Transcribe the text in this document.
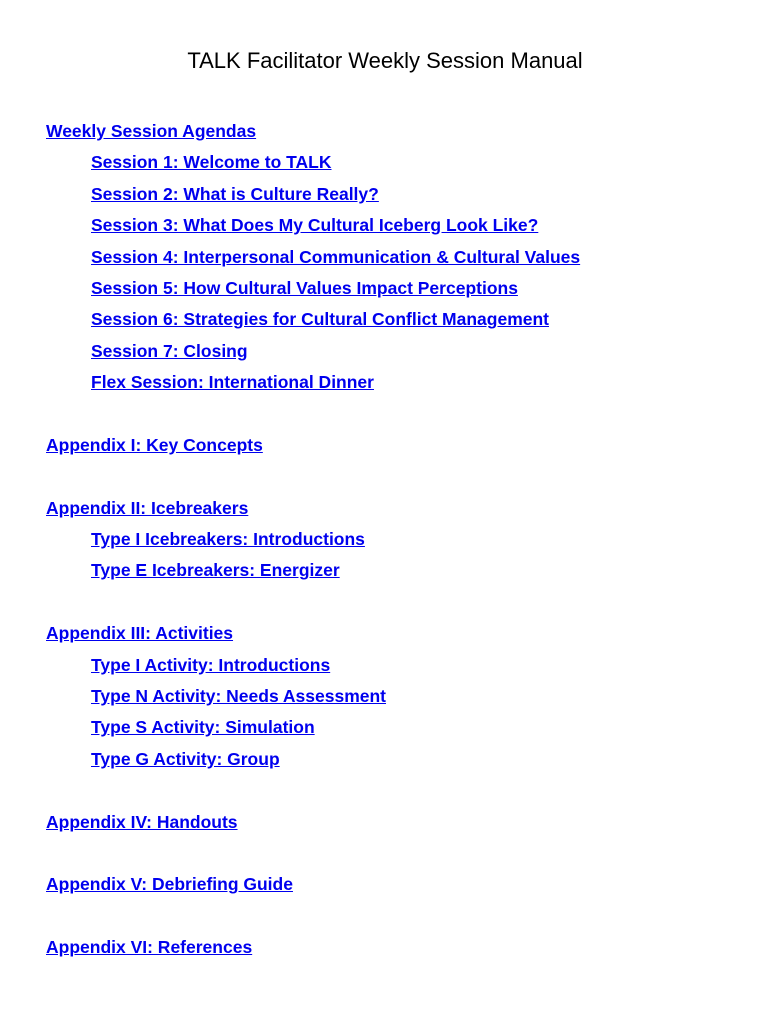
TALK Facilitator Weekly Session Manual
Weekly Session Agendas
Session 1: Welcome to TALK
Session 2: What is Culture Really?
Session 3: What Does My Cultural Iceberg Look Like?
Session 4: Interpersonal Communication & Cultural Values
Session 5: How Cultural Values Impact Perceptions
Session 6: Strategies for Cultural Conflict Management
Session 7: Closing
Flex Session: International Dinner
Appendix I: Key Concepts
Appendix II: Icebreakers
Type I Icebreakers: Introductions
Type E Icebreakers: Energizer
Appendix III: Activities
Type I Activity: Introductions
Type N Activity: Needs Assessment
Type S Activity: Simulation
Type G Activity: Group
Appendix IV: Handouts
Appendix V: Debriefing Guide
Appendix VI: References
